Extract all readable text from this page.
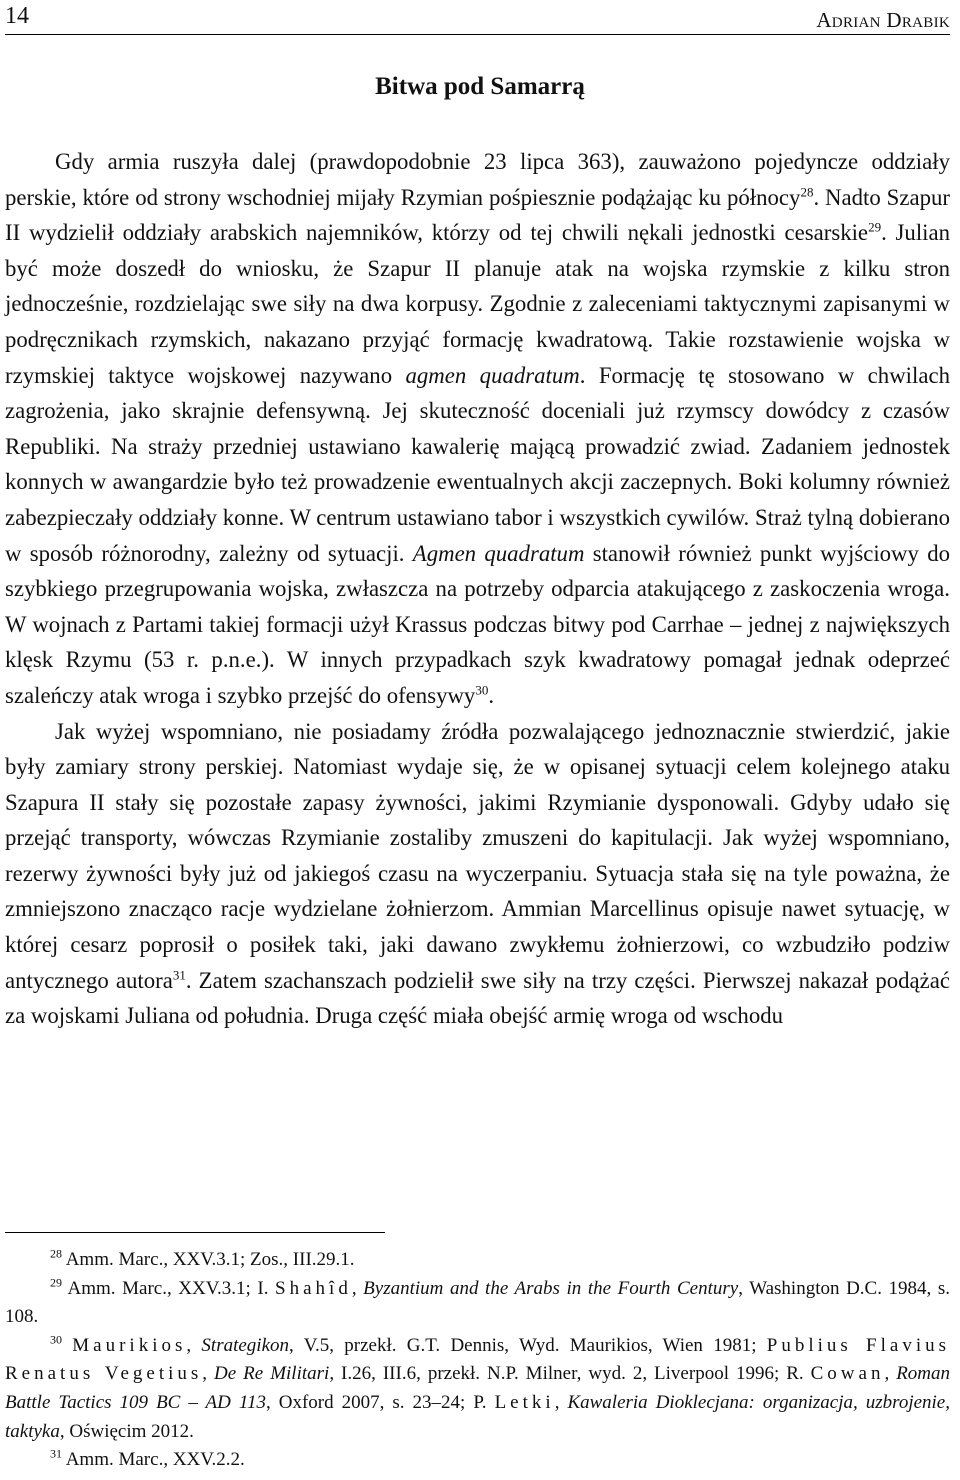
14	Adrian Drabik
Bitwa pod Samarrą

Gdy armia ruszyła dalej (prawdopodobnie 23 lipca 363), zauważono pojedyncze oddziały perskie, które od strony wschodniej mijały Rzymian pośpiesznie podążając ku północy$^{28}$. Nadto Szapur II wydzielił oddziały arabskich najemników, którzy od tej chwili nękali jednostki cesarskie$^{29}$. Julian być może doszedł do wniosku, że Szapur II planuje atak na wojska rzymskie z kilku stron jednocześnie, rozdzielając swe siły na dwa korpusy. Zgodnie z zaleceniami taktycznymi zapisanymi w podręcznikach rzymskich, nakazano przyjąć formację kwadratową. Takie rozstawienie wojska w rzymskiej taktyce wojskowej nazywano agmen quadratum. Formację tę stosowano w chwilach zagrożenia, jako skrajnie defensywną. Jej skuteczność doceniali już rzymscy dowódcy z czasów Republiki. Na straży przedniej ustawiano kawalerię mającą prowadzić zwiad. Zadaniem jednostek konnych w awangardzie było też prowadzenie ewentualnych akcji zaczepnych. Boki kolumny również zabezpieczały oddziały konne. W centrum ustawiano tabor i wszystkich cywilów. Straż tylną dobierano w sposób różnorodny, zależny od sytuacji. Agmen quadratum stanowił również punkt wyjściowy do szybkiego przegrupowania wojska, zwłaszcza na potrzeby odparcia atakującego z zaskoczenia wroga. W wojnach z Partami takiej formacji użył Krassus podczas bitwy pod Carrhae – jednej z największych klęsk Rzymu (53 r. p.n.e.). W innych przypadkach szyk kwadratowy pomagał jednak odeprzeć szaleńczy atak wroga i szybko przejść do ofensywy$^{30}$.

Jak wyżej wspomniano, nie posiadamy źródła pozwalającego jednoznacznie stwierdzić, jakie były zamiary strony perskiej. Natomiast wydaje się, że w opisanej sytuacji celem kolejnego ataku Szapura II stały się pozostałe zapasy żywności, jakimi Rzymianie dysponowali. Gdyby udało się przejąć transporty, wówczas Rzymianie zostaliby zmuszeni do kapitulacji. Jak wyżej wspomniano, rezerwy żywności były już od jakiegoś czasu na wyczerpaniu. Sytuacja stała się na tyle poważna, że zmniejszono znacząco racje wydzielane żołnierzom. Ammian Marcellinus opisuje nawet sytuację, w której cesarz poprosił o posiłek taki, jaki dawano zwykłemu żołnierzowi, co wzbudziło podziw antycznego autora$^{31}$. Zatem szachanszach podzielił swe siły na trzy części. Pierwszej nakazał podążać za wojskami Juliana od południa. Druga część miała obejść armię wroga od wschodu

$^{28}$ Amm. Marc., XXV.3.1; Zos., III.29.1.

$^{29}$ Amm. Marc., XXV.3.1; I. Shahîd, Byzantium and the Arabs in the Fourth Century, Washington D.C. 1984, s. 108.

$^{30}$ Maurikios, Strategikon, V.5, przekł. G.T. Dennis, Wyd. Maurikios, Wien 1981; Publius Flavius Renatus Vegetius, De Re Militari, I.26, III.6, przekł. N.P. Milner, wyd. 2, Liverpool 1996; R. Cowan, Roman Battle Tactics 109 BC – AD 113, Oxford 2007, s. 23–24; P. Letki, Kawaleria Dioklecjana: organizacja, uzbrojenie, taktyka, Oświęcim 2012.

$^{31}$ Amm. Marc., XXV.2.2.
